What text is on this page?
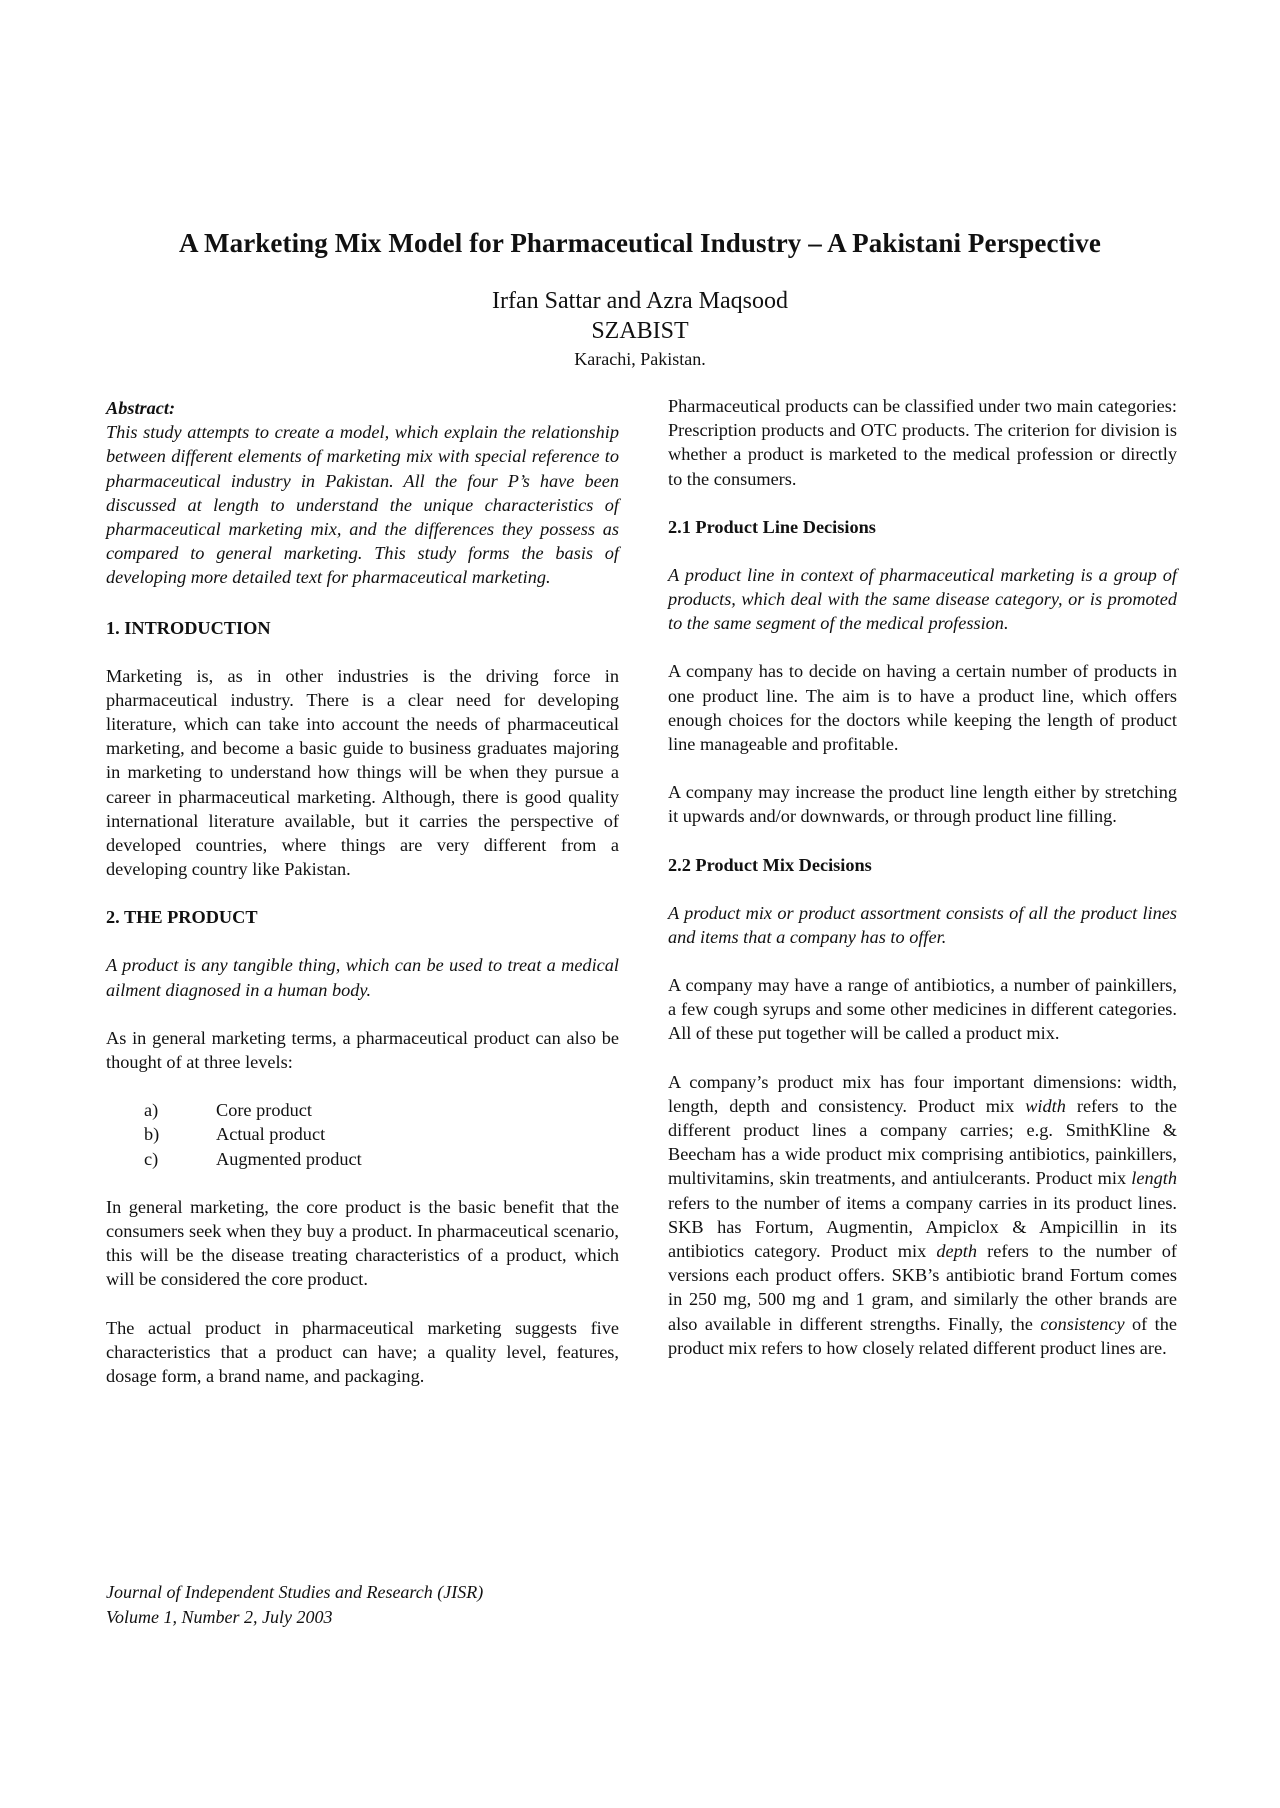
A Marketing Mix Model for Pharmaceutical Industry – A Pakistani Perspective
Irfan Sattar and Azra Maqsood
SZABIST
Karachi, Pakistan.
Abstract:

This study attempts to create a model, which explain the relationship between different elements of marketing mix with special reference to pharmaceutical industry in Pakistan. All the four P’s have been discussed at length to understand the unique characteristics of pharmaceutical marketing mix, and the differences they possess as compared to general marketing. This study forms the basis of developing more detailed text for pharmaceutical marketing.

1. INTRODUCTION

Marketing is, as in other industries is the driving force in pharmaceutical industry. There is a clear need for developing literature, which can take into account the needs of pharmaceutical marketing, and become a basic guide to business graduates majoring in marketing to understand how things will be when they pursue a career in pharmaceutical marketing. Although, there is good quality international literature available, but it carries the perspective of developed countries, where things are very different from a developing country like Pakistan.

2. THE PRODUCT

A product is any tangible thing, which can be used to treat a medical ailment diagnosed in a human body.

As in general marketing terms, a pharmaceutical product can also be thought of at three levels:

a)	Core product
b)	Actual product
c)	Augmented product

In general marketing, the core product is the basic benefit that the consumers seek when they buy a product. In pharmaceutical scenario, this will be the disease treating characteristics of a product, which will be considered the core product.

The actual product in pharmaceutical marketing suggests five characteristics that a product can have; a quality level, features, dosage form, a brand name, and packaging.

Pharmaceutical products can be classified under two main categories: Prescription products and OTC products. The criterion for division is whether a product is marketed to the medical profession or directly to the consumers.

2.1 Product Line Decisions

A product line in context of pharmaceutical marketing is a group of products, which deal with the same disease category, or is promoted to the same segment of the medical profession.

A company has to decide on having a certain number of products in one product line. The aim is to have a product line, which offers enough choices for the doctors while keeping the length of product line manageable and profitable.

A company may increase the product line length either by stretching it upwards and/or downwards, or through product line filling.

2.2 Product Mix Decisions

A product mix or product assortment consists of all the product lines and items that a company has to offer.

A company may have a range of antibiotics, a number of painkillers, a few cough syrups and some other medicines in different categories. All of these put together will be called a product mix.

A company’s product mix has four important dimensions: width, length, depth and consistency. Product mix width refers to the different product lines a company carries; e.g. SmithKline & Beecham has a wide product mix comprising antibiotics, painkillers, multivitamins, skin treatments, and antiulcerants. Product mix length refers to the number of items a company carries in its product lines. SKB has Fortum, Augmentin, Ampiclox & Ampicillin in its antibiotics category. Product mix depth refers to the number of versions each product offers. SKB’s antibiotic brand Fortum comes in 250 mg, 500 mg and 1 gram, and similarly the other brands are also available in different strengths. Finally, the consistency of the product mix refers to how closely related different product lines are.

Journal of Independent Studies and Research (JISR)
Volume 1, Number 2, July 2003
